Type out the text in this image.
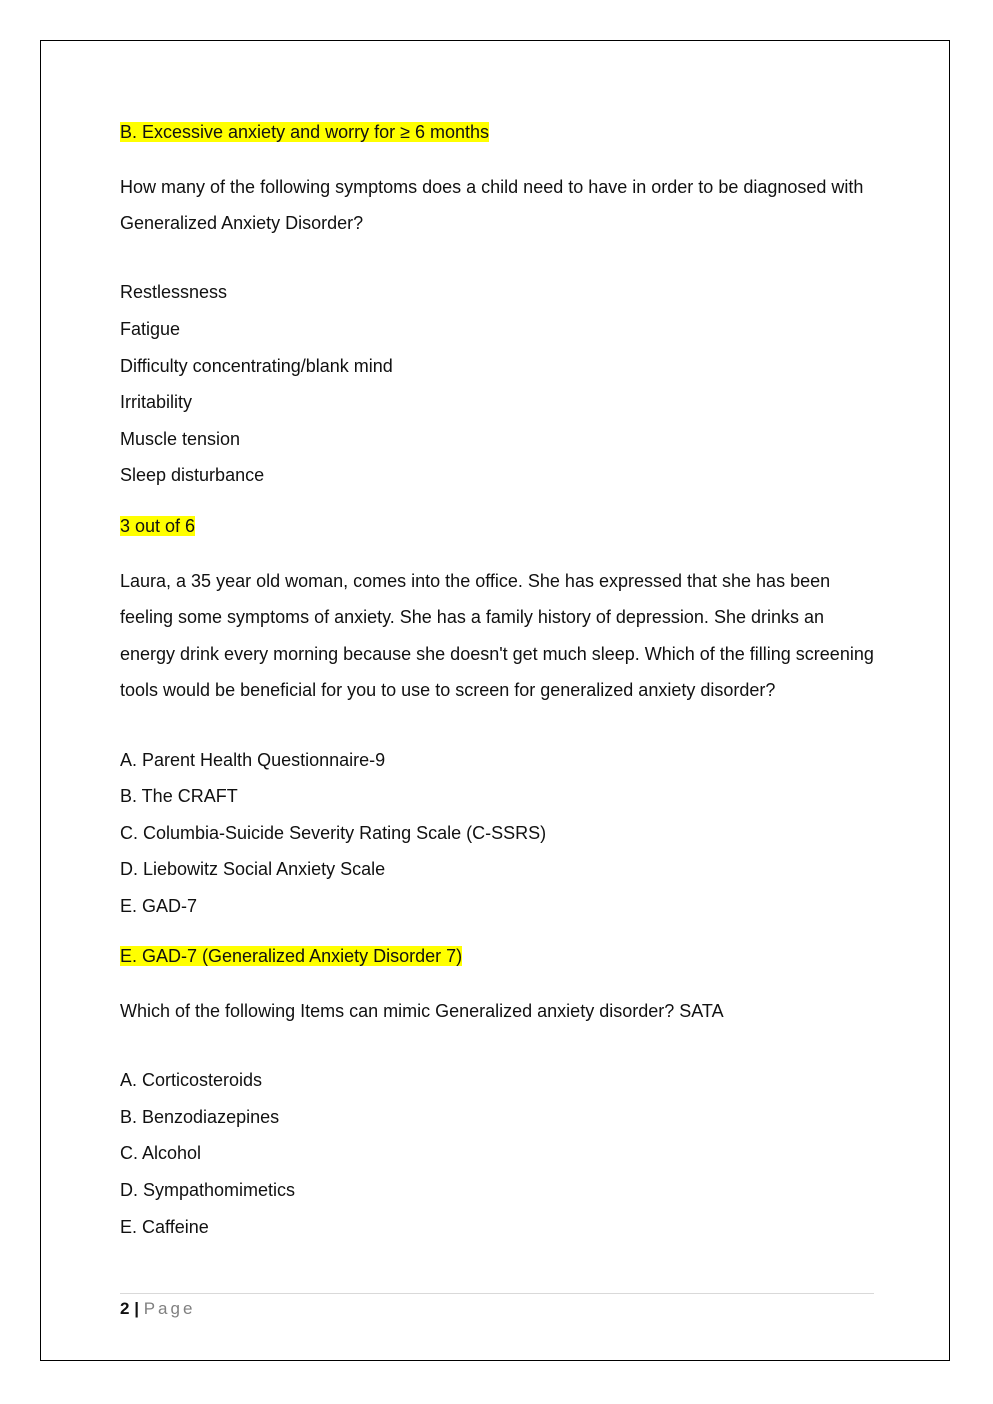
B. Excessive anxiety and worry for ≥ 6 months

How many of the following symptoms does a child need to have in order to be diagnosed with Generalized Anxiety Disorder?

Restlessness
Fatigue
Difficulty concentrating/blank mind
Irritability
Muscle tension
Sleep disturbance
3 out of 6

Laura, a 35 year old woman, comes into the office. She has expressed that she has been feeling some symptoms of anxiety. She has a family history of depression. She drinks an energy drink every morning because she doesn't get much sleep. Which of the filling screening tools would be beneficial for you to use to screen for generalized anxiety disorder?

A. Parent Health Questionnaire-9
B. The CRAFT
C. Columbia-Suicide Severity Rating Scale (C-SSRS)
D. Liebowitz Social Anxiety Scale
E. GAD-7
E. GAD-7 (Generalized Anxiety Disorder 7)

Which of the following Items can mimic Generalized anxiety disorder? SATA

A. Corticosteroids
B. Benzodiazepines
C. Alcohol
D. Sympathomimetics
E. Caffeine
2 | Page
